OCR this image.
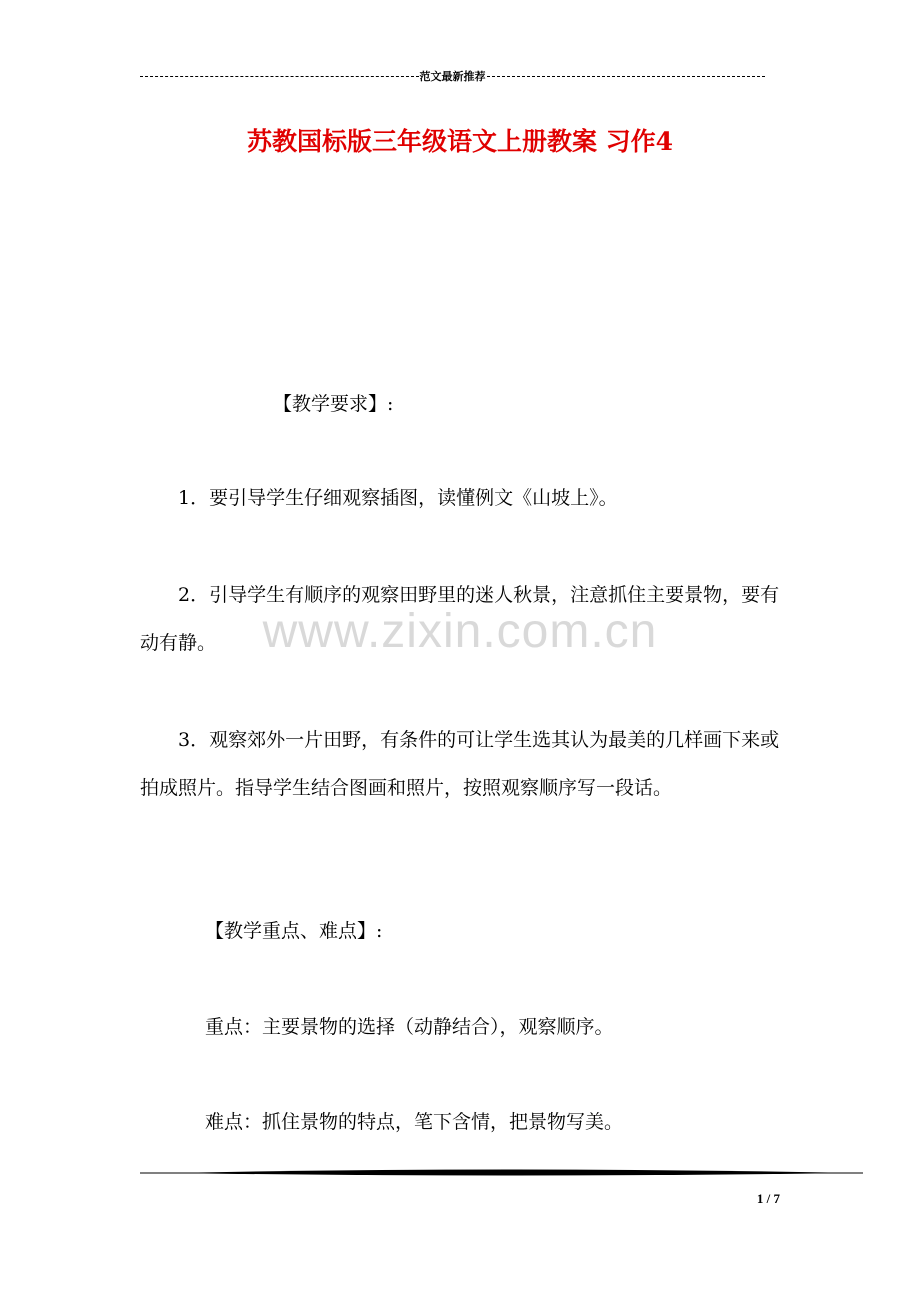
范文最新推荐
苏教国标版三年级语文上册教案 习作4
www.zixin.com.cn
【教学要求】:
1．要引导学生仔细观察插图，读懂例文《山坡上》。
2．引导学生有顺序的观察田野里的迷人秋景，注意抓住主要景物，要有动有静。
3．观察郊外一片田野，有条件的可让学生选其认为最美的几样画下来或拍成照片。指导学生结合图画和照片，按照观察顺序写一段话。
【教学重点、难点】:
重点：主要景物的选择（动静结合），观察顺序。
难点：抓住景物的特点，笔下含情，把景物写美。
1 / 7
